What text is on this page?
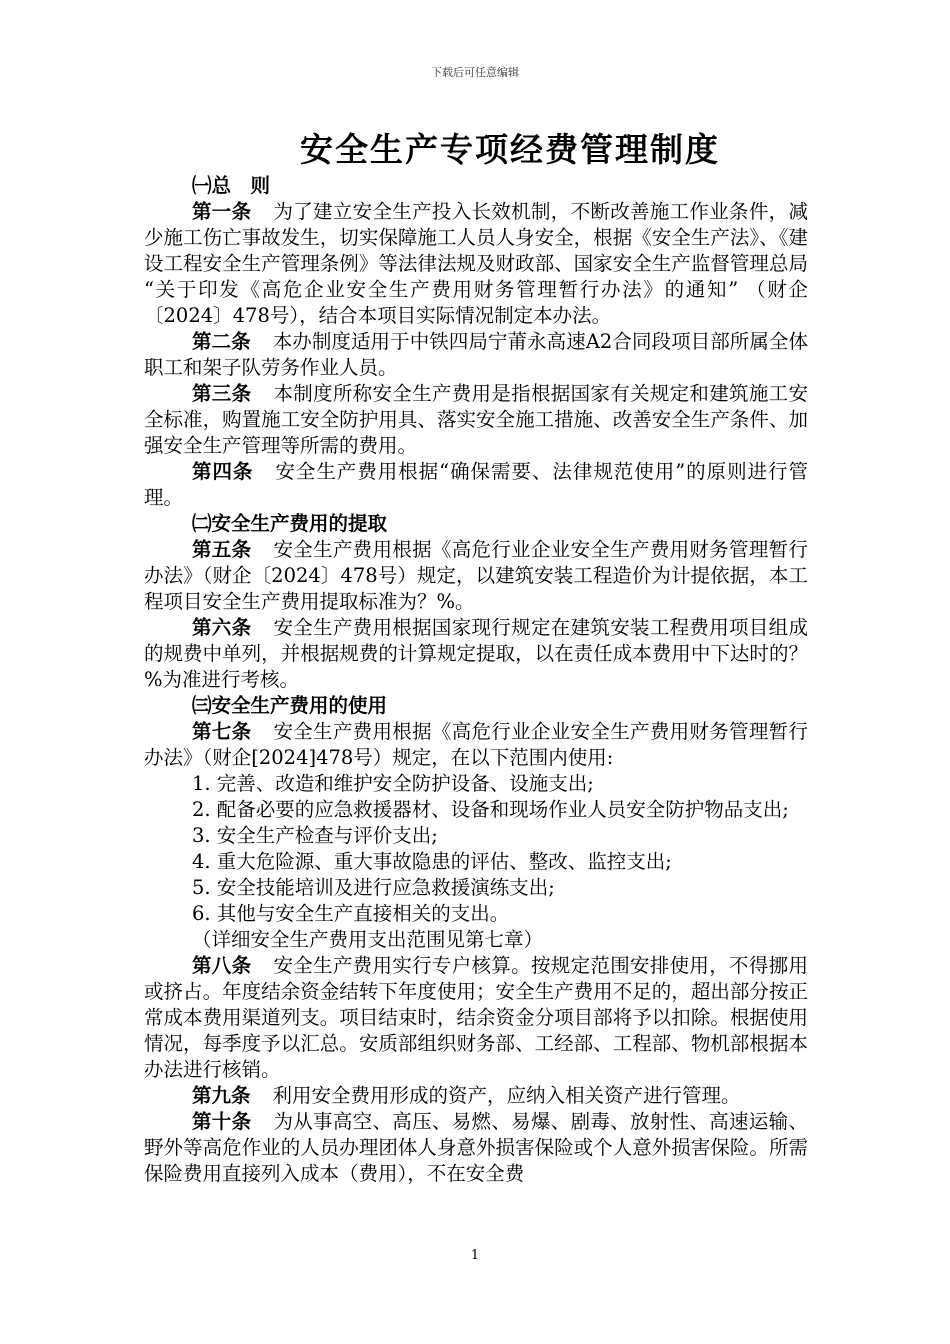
下载后可任意编辑
安全生产专项经费管理制度

㈠总　则

第一条 为了建立安全生产投入长效机制，不断改善施工作业条件，减少施工伤亡事故发生，切实保障施工人员人身安全，根据《安全生产法》、《建设工程安全生产管理条例》等法律法规及财政部、国家安全生产监督管理总局 “关于印发《高危企业安全生产费用财务管理暂行办法》的通知” （财企〔2024〕478号），结合本项目实际情况制定本办法。

第二条 本办制度适用于中铁四局宁莆永高速A2合同段项目部所属全体职工和架子队劳务作业人员。

第三条 本制度所称安全生产费用是指根据国家有关规定和建筑施工安全标准，购置施工安全防护用具、落实安全施工措施、改善安全生产条件、加强安全生产管理等所需的费用。

第四条 安全生产费用根据“确保需要、法律规范使用”的原则进行管理。

㈡安全生产费用的提取

第五条 安全生产费用根据《高危行业企业安全生产费用财务管理暂行办法》（财企〔2024〕478号）规定，以建筑安装工程造价为计提依据，本工程项目安全生产费用提取标准为？%。

第六条 安全生产费用根据国家现行规定在建筑安装工程费用项目组成的规费中单列，并根据规费的计算规定提取，以在责任成本费用中下达时的？%为准进行考核。

㈢安全生产费用的使用

第七条 安全生产费用根据《高危行业企业安全生产费用财务管理暂行办法》（财企[2024]478号）规定，在以下范围内使用:

1. 完善、改造和维护安全防护设备、设施支出;

2. 配备必要的应急救援器材、设备和现场作业人员安全防护物品支出;

3. 安全生产检查与评价支出;

4. 重大危险源、重大事故隐患的评估、整改、监控支出;

5. 安全技能培训及进行应急救援演练支出;

6. 其他与安全生产直接相关的支出。

（详细安全生产费用支出范围见第七章）

第八条 安全生产费用实行专户核算。按规定范围安排使用，不得挪用或挤占。年度结余资金结转下年度使用；安全生产费用不足的，超出部分按正常成本费用渠道列支。项目结束时，结余资金分项目部将予以扣除。根据使用情况，每季度予以汇总。安质部组织财务部、工经部、工程部、物机部根据本办法进行核销。

第九条 利用安全费用形成的资产，应纳入相关资产进行管理。

第十条 为从事高空、高压、易燃、易爆、剧毒、放射性、高速运输、野外等高危作业的人员办理团体人身意外损害保险或个人意外损害保险。所需保险费用直接列入成本（费用），不在安全费

1
